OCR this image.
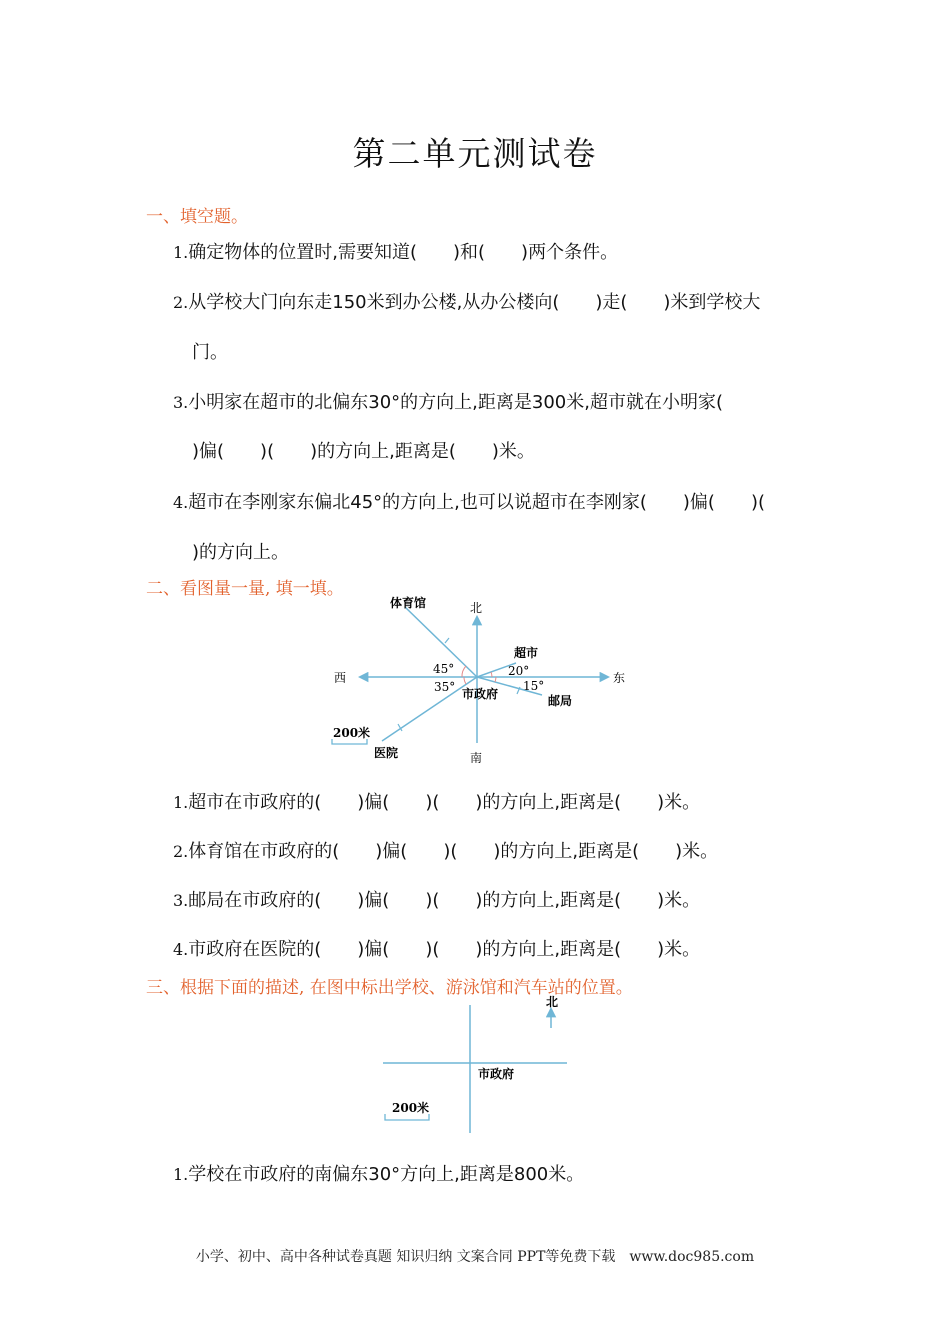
第二单元测试卷
一、填空题。
1.确定物体的位置时,需要知道(　　)和(　　)两个条件。
2.从学校大门向东走150米到办公楼,从办公楼向(　　)走(　　)米到学校大
门。
3.小明家在超市的北偏东30°的方向上,距离是300米,超市就在小明家(
)偏(　　)(　　)的方向上,距离是(　　)米。
4.超市在李刚家东偏北45°的方向上,也可以说超市在李刚家(　　)偏(　　)(
)的方向上。
二、看图量一量, 填一填。
北
南
西	东
体育馆
超市
邮局
医院
市政府
45°
35°
20°
15°
200米
1.超市在市政府的(　　)偏(　　)(　　)的方向上,距离是(　　)米。
2.体育馆在市政府的(　　)偏(　　)(　　)的方向上,距离是(　　)米。
3.邮局在市政府的(　　)偏(　　)(　　)的方向上,距离是(　　)米。
4.市政府在医院的(　　)偏(　　)(　　)的方向上,距离是(　　)米。
三、根据下面的描述, 在图中标出学校、游泳馆和汽车站的位置。
北
市政府
200米
1.学校在市政府的南偏东30°方向上,距离是800米。
小学、初中、高中各种试卷真题 知识归纳 文案合同 PPT等免费下载　www.doc985.com
